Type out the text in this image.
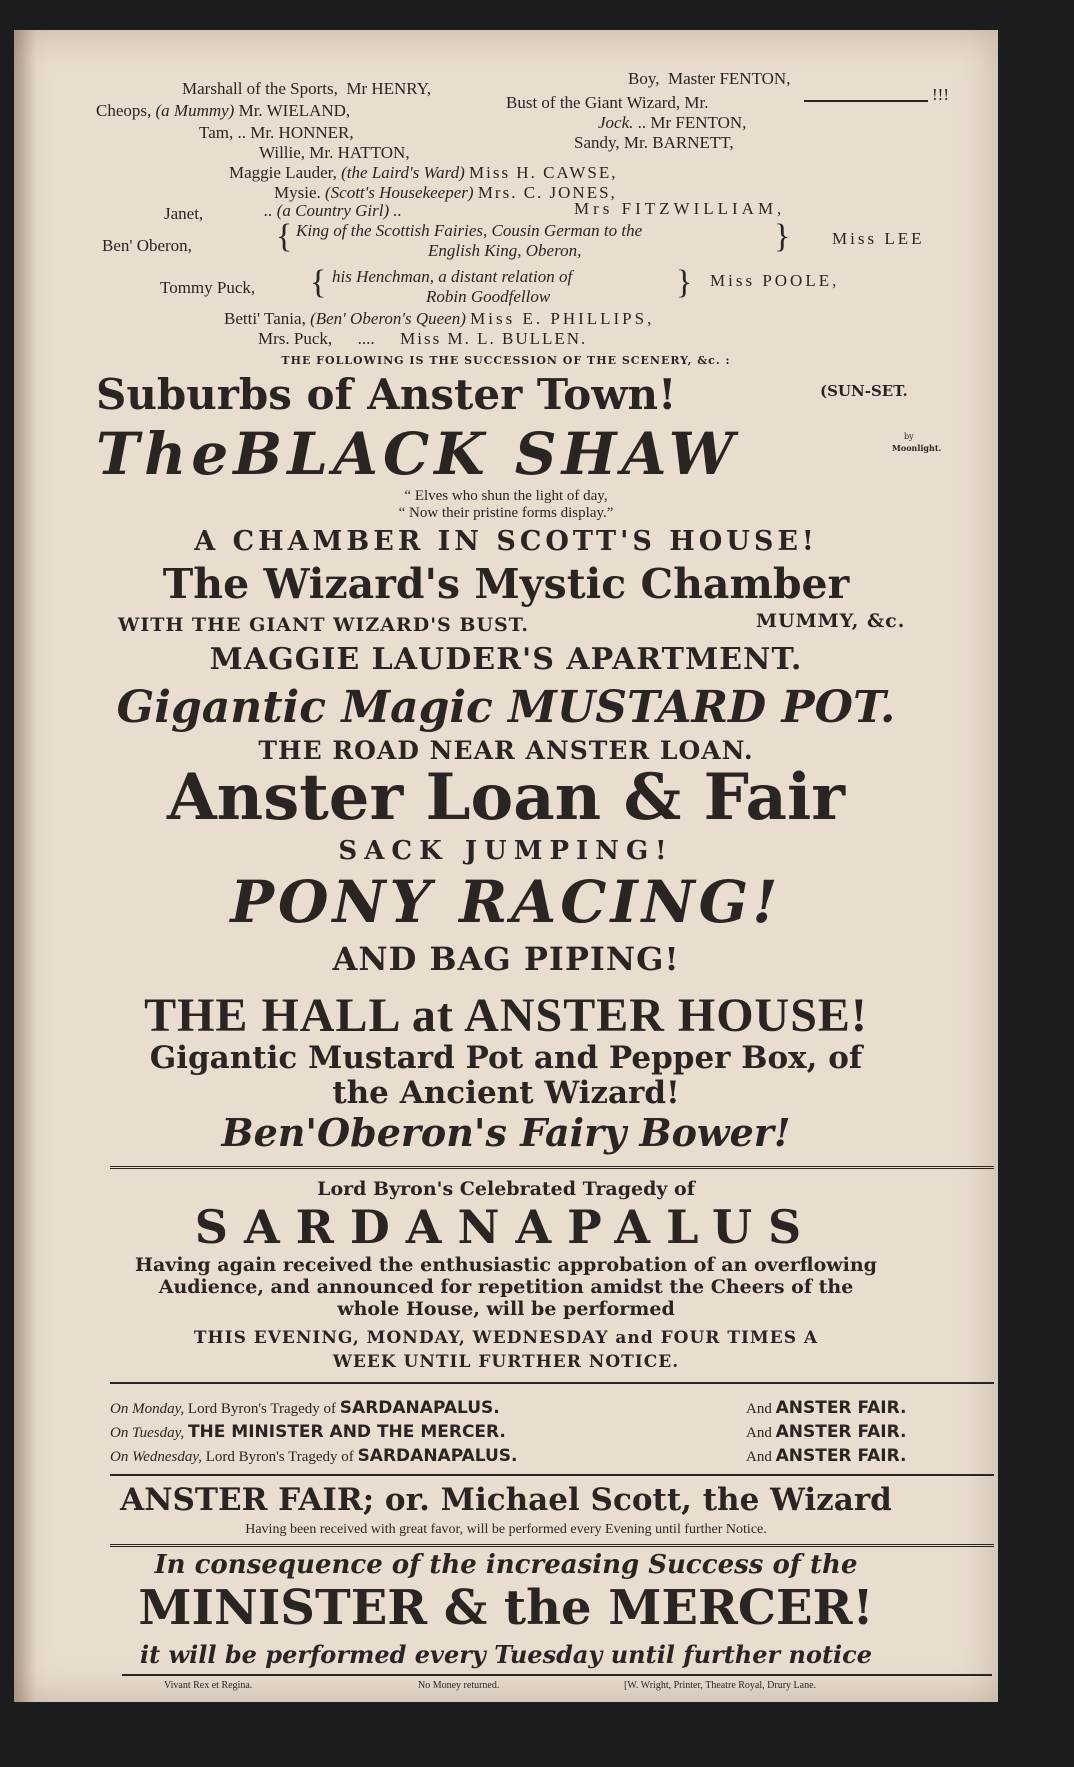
Marshall of the Sports, Mr HENRY,
Boy, Master FENTON,
!!!
Cheops, (a Mummy) Mr. WIELAND,	Bust of the Giant Wizard, Mr.
Tam, .. Mr. HONNER,
Jock. .. Mr FENTON,
Willie, Mr. HATTON,
Sandy, Mr. BARNETT,
Maggie Lauder, (the Laird's Ward) Miss H. CAWSE,
Mysie. (Scott's Housekeeper) Mrs. C. JONES,
Janet,	.. (a Country Girl) ..	Mrs FITZWILLIAM,
Ben' Oberon, { King of the Scottish Fairies, Cousin German to the
English King, Oberon,	} Miss LEE
Tommy Puck, { his Henchman, a distant relation of
Robin Goodfellow	} Miss POOLE,
Betti' Tania, (Ben' Oberon's Queen) Miss E. PHILLIPS,
Mrs. Puck, .... Miss M. L. BULLEN.
THE FOLLOWING IS THE SUCCESSION OF THE SCENERY, &c. :
Suburbs of Anster Town!	(SUN-SET.
TheBLACK SHAW	by
Moonlight.
“ Elves who shun the light of day,
“ Now their pristine forms display.”
A CHAMBER IN SCOTT'S HOUSE!
The Wizard's Mystic Chamber
WITH THE GIANT WIZARD'S BUST.	MUMMY, &c.
MAGGIE LAUDER'S APARTMENT.
Gigantic Magic MUSTARD POT.
THE ROAD NEAR ANSTER LOAN.
Anster Loan & Fair
SACK JUMPING!
PONY RACING!
AND BAG PIPING!
THE HALL at ANSTER HOUSE!
Gigantic Mustard Pot and Pepper Box, of
the Ancient Wizard!
Ben'Oberon's Fairy Bower!
Lord Byron's Celebrated Tragedy of
SARDANAPALUS
Having again received the enthusiastic approbation of an overflowing
Audience, and announced for repetition amidst the Cheers of the
whole House, will be performed
THIS EVENING, MONDAY, WEDNESDAY and FOUR TIMES A
WEEK UNTIL FURTHER NOTICE.
On Monday, Lord Byron's Tragedy of SARDANAPALUS.	And ANSTER FAIR.
On Tuesday, THE MINISTER AND THE MERCER.	And ANSTER FAIR.
On Wednesday, Lord Byron's Tragedy of SARDANAPALUS.	And ANSTER FAIR.
ANSTER FAIR; or. Michael Scott, the Wizard
Having been received with great favor, will be performed every Evening until further Notice.
In consequence of the increasing Success of the
MINISTER & the MERCER!
it will be performed every Tuesday until further notice
Vivant Rex et Regina.	No Money returned.	[W. Wright, Printer, Theatre Royal, Drury Lane.
